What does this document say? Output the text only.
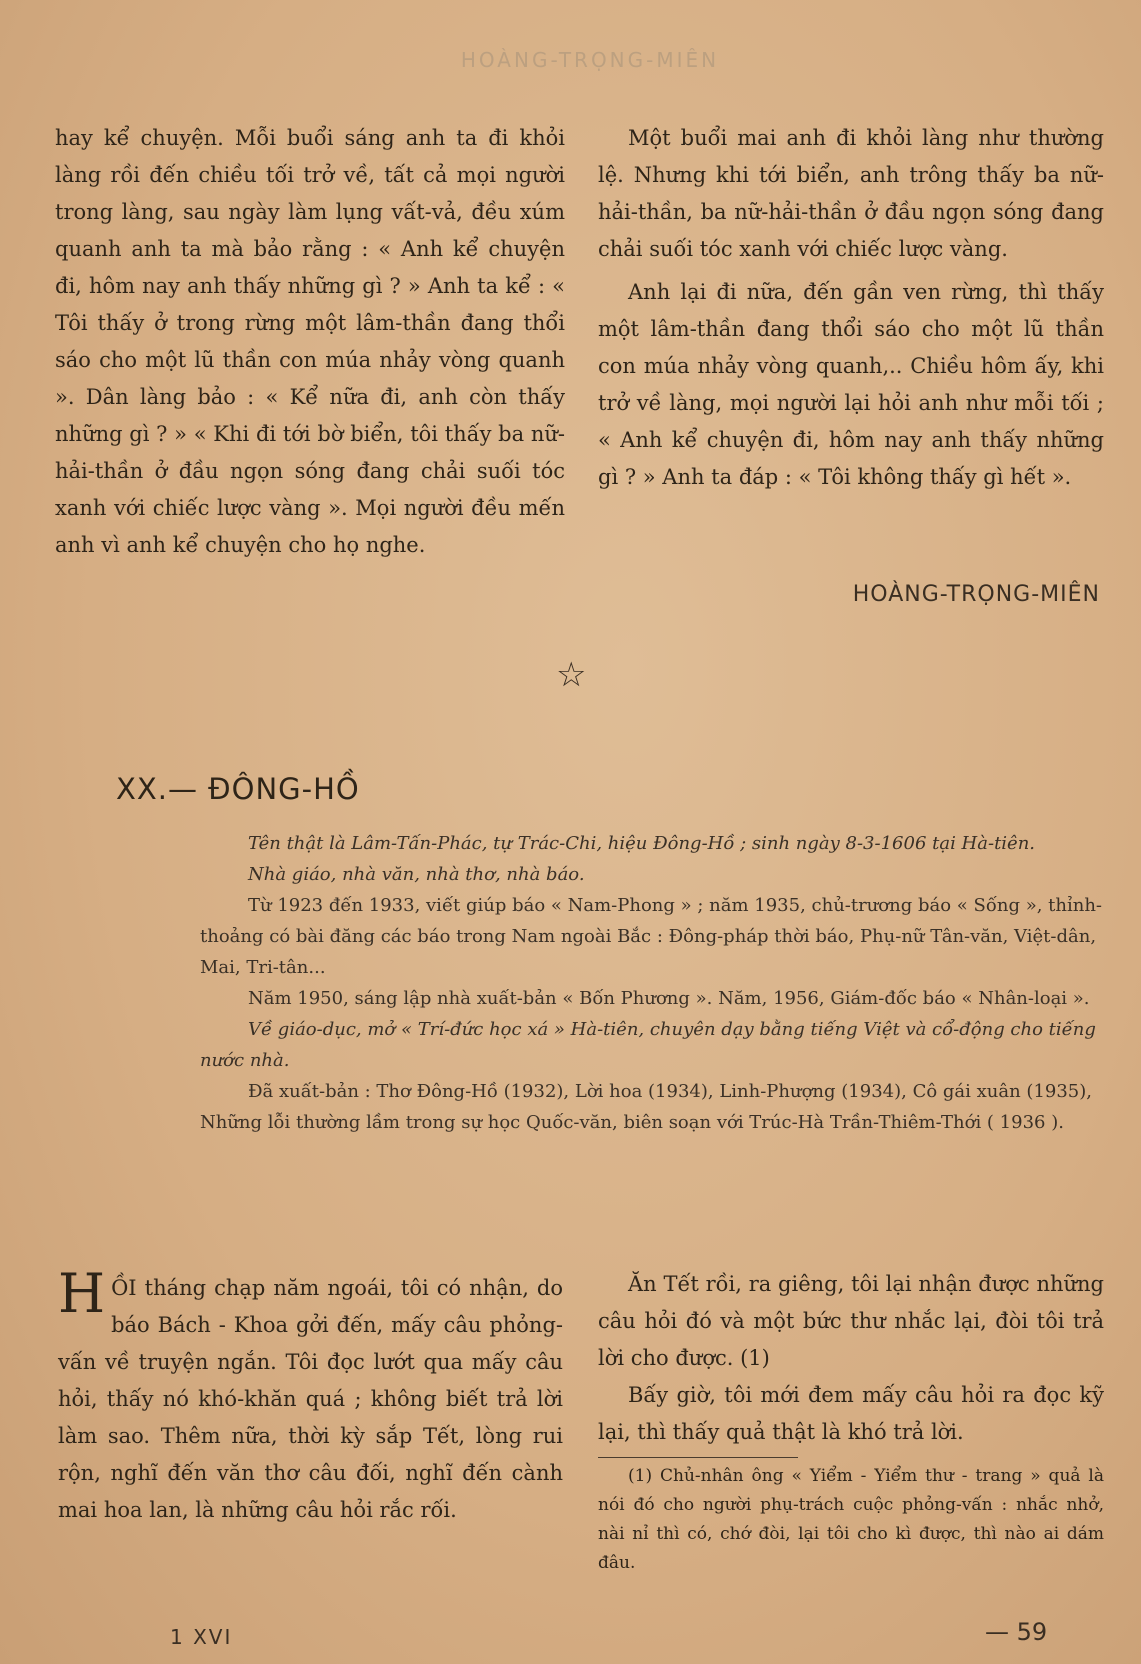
HOÀNG-TRỌNG-MIÊN

hay kể chuyện. Mỗi buổi sáng anh ta đi khỏi làng rồi đến chiều tối trở về, tất cả mọi người trong làng, sau ngày làm lụng vất-vả, đều xúm quanh anh ta mà bảo rằng : « Anh kể chuyện đi, hôm nay anh thấy những gì ? » Anh ta kể : « Tôi thấy ở trong rừng một lâm-thần đang thổi sáo cho một lũ thần con múa nhảy vòng quanh ». Dân làng bảo : « Kể nữa đi, anh còn thấy những gì ? » « Khi đi tới bờ biển, tôi thấy ba nữ-hải-thần ở đầu ngọn sóng đang chải suối tóc xanh với chiếc lược vàng ». Mọi người đều mến anh vì anh kể chuyện cho họ nghe.

Một buổi mai anh đi khỏi làng như thường lệ. Nhưng khi tới biển, anh trông thấy ba nữ-hải-thần, ba nữ-hải-thần ở đầu ngọn sóng đang chải suối tóc xanh với chiếc lược vàng.

Anh lại đi nữa, đến gần ven rừng, thì thấy một lâm-thần đang thổi sáo cho một lũ thần con múa nhảy vòng quanh,.. Chiều hôm ấy, khi trở về làng, mọi người lại hỏi anh như mỗi tối ; « Anh kể chuyện đi, hôm nay anh thấy những gì ? » Anh ta đáp : « Tôi không thấy gì hết ».

HOÀNG-TRỌNG-MIÊN
☆
XX.— ĐÔNG-HỒ

Tên thật là Lâm-Tấn-Phác, tự Trác-Chi, hiệu Đông-Hồ ; sinh ngày 8-3-1606 tại Hà-tiên.

Nhà giáo, nhà văn, nhà thơ, nhà báo.

Từ 1923 đến 1933, viết giúp báo « Nam-Phong » ; năm 1935, chủ-trương báo « Sống », thỉnh-thoảng có bài đăng các báo trong Nam ngoài Bắc : Đông-pháp thời báo, Phụ-nữ Tân-văn, Việt-dân, Mai, Tri-tân...

Năm 1950, sáng lập nhà xuất-bản « Bốn Phương ». Năm, 1956, Giám-đốc báo « Nhân-loại ».

Về giáo-dục, mở « Trí-đức học xá » Hà-tiên, chuyên dạy bằng tiếng Việt và cổ-động cho tiếng nước nhà.

Đã xuất-bản : Thơ Đông-Hồ (1932), Lời hoa (1934), Linh-Phượng (1934), Cô gái xuân (1935), Những lỗi thường lầm trong sự học Quốc-văn, biên soạn với Trúc-Hà Trần-Thiêm-Thới ( 1936 ).

H ỒI tháng chạp năm ngoái, tôi có nhận, do báo Bách - Khoa gởi đến, mấy câu phỏng-vấn về truyện ngắn. Tôi đọc lướt qua mấy câu hỏi, thấy nó khó-khăn quá ; không biết trả lời làm sao. Thêm nữa, thời kỳ sắp Tết, lòng rui rộn, nghĩ đến văn thơ câu đối, nghĩ đến cành mai hoa lan, là những câu hỏi rắc rối.

Ăn Tết rồi, ra giêng, tôi lại nhận được những câu hỏi đó và một bức thư nhắc lại, đòi tôi trả lời cho được. (1)

Bấy giờ, tôi mới đem mấy câu hỏi ra đọc kỹ lại, thì thấy quả thật là khó trả lời.

(1) Chủ-nhân ông « Yiểm - Yiểm thư - trang » quả là nói đó cho người phụ-trách cuộc phỏng-vấn : nhắc nhở, nài nỉ thì có, chớ đòi, lại tôi cho kì được, thì nào ai dám đâu.

1 XVI	— 59
